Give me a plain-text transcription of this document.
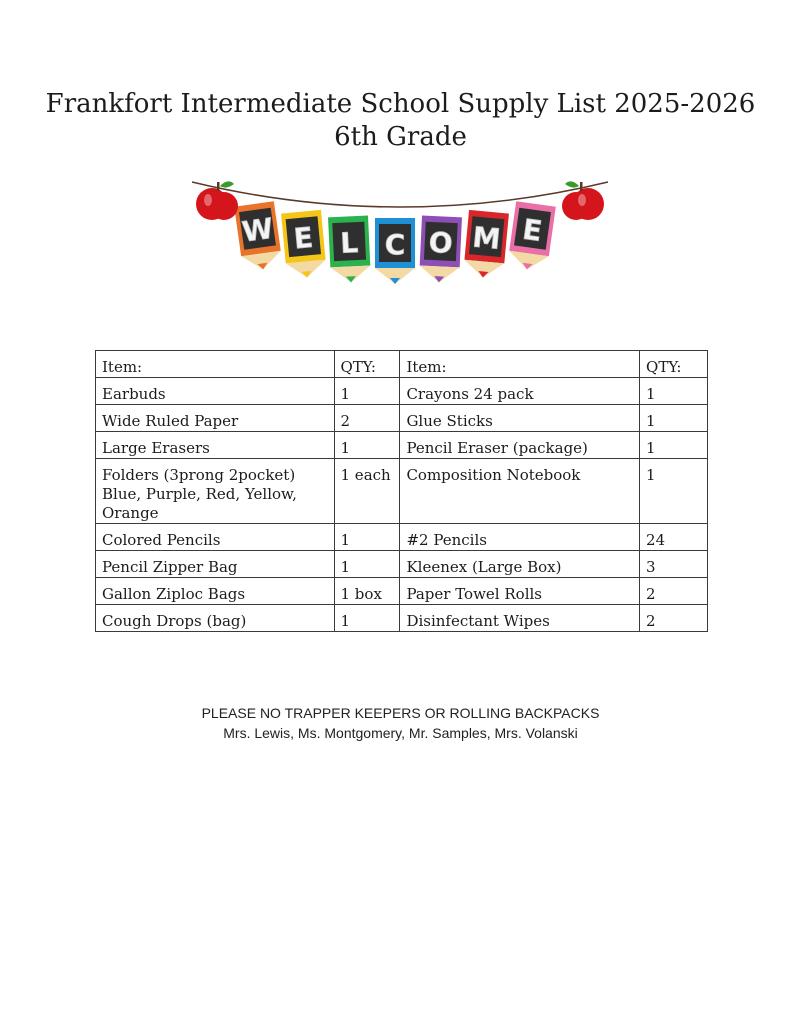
Frankfort Intermediate School Supply List 2025-2026
6th Grade
W E L C O M E
Item:	QTY:	Item:	QTY:
Earbuds	1	Crayons 24 pack	1
Wide Ruled Paper	2	Glue Sticks	1
Large Erasers	1	Pencil Eraser (package)	1

Folders (3prong 2pocket)
Blue, Purple, Red, Yellow, Orange	1 each	Composition Notebook	1
Colored Pencils	1	#2 Pencils	24
Pencil Zipper Bag	1	Kleenex (Large Box)	3
Gallon Ziploc Bags	1 box	Paper Towel Rolls	2
Cough Drops (bag)	1	Disinfectant Wipes	2
PLEASE NO TRAPPER KEEPERS OR ROLLING BACKPACKS
Mrs. Lewis, Ms. Montgomery, Mr. Samples, Mrs. Volanski
